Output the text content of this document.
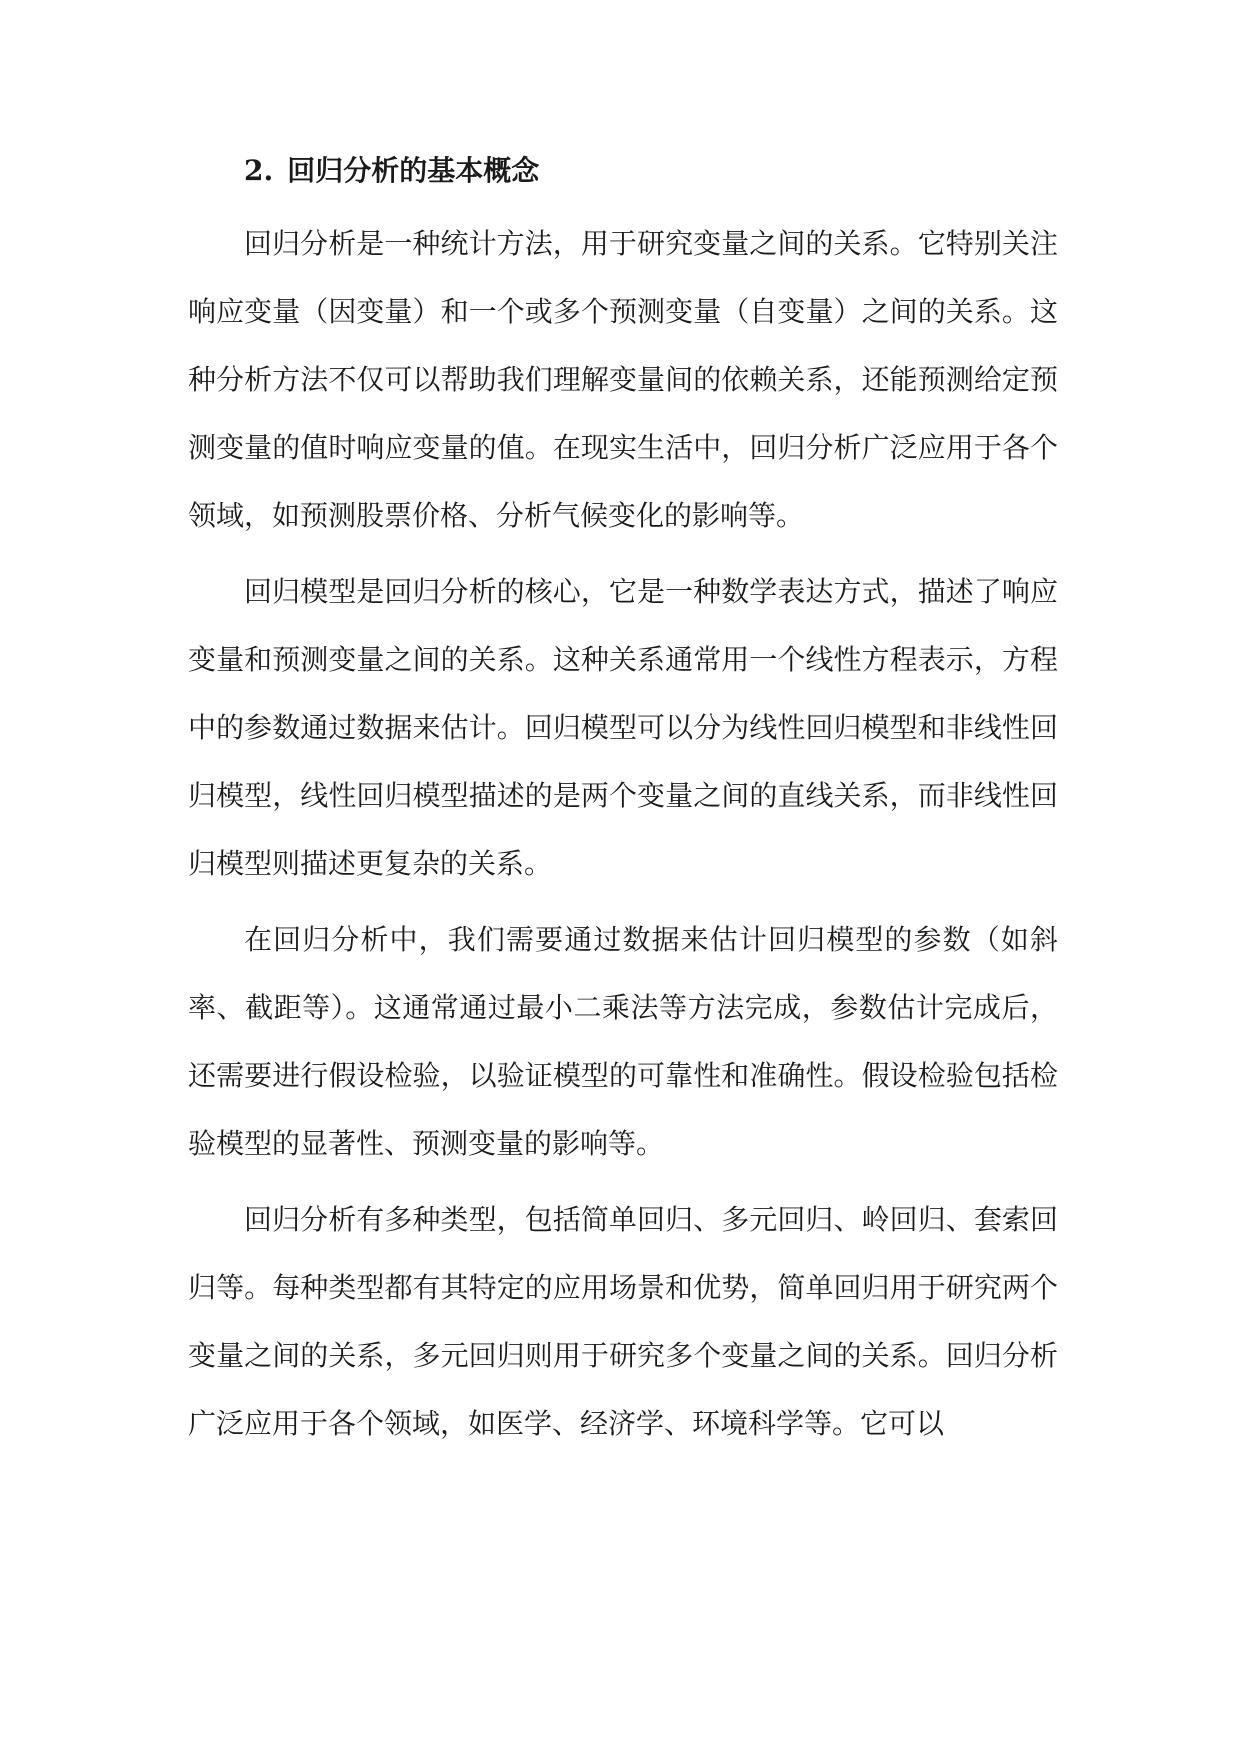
2. 回归分析的基本概念

回归分析是一种统计方法，用于研究变量之间的关系。它特别关注响应变量（因变量）和一个或多个预测变量（自变量）之间的关系。这种分析方法不仅可以帮助我们理解变量间的依赖关系，还能预测给定预测变量的值时响应变量的值。在现实生活中，回归分析广泛应用于各个领域，如预测股票价格、分析气候变化的影响等。

回归模型是回归分析的核心，它是一种数学表达方式，描述了响应变量和预测变量之间的关系。这种关系通常用一个线性方程表示，方程中的参数通过数据来估计。回归模型可以分为线性回归模型和非线性回归模型，线性回归模型描述的是两个变量之间的直线关系，而非线性回归模型则描述更复杂的关系。

在回归分析中，我们需要通过数据来估计回归模型的参数（如斜率、截距等）。这通常通过最小二乘法等方法完成，参数估计完成后，还需要进行假设检验，以验证模型的可靠性和准确性。假设检验包括检验模型的显著性、预测变量的影响等。

回归分析有多种类型，包括简单回归、多元回归、岭回归、套索回归等。每种类型都有其特定的应用场景和优势，简单回归用于研究两个变量之间的关系，多元回归则用于研究多个变量之间的关系。回归分析广泛应用于各个领域，如医学、经济学、环境科学等。它可以
